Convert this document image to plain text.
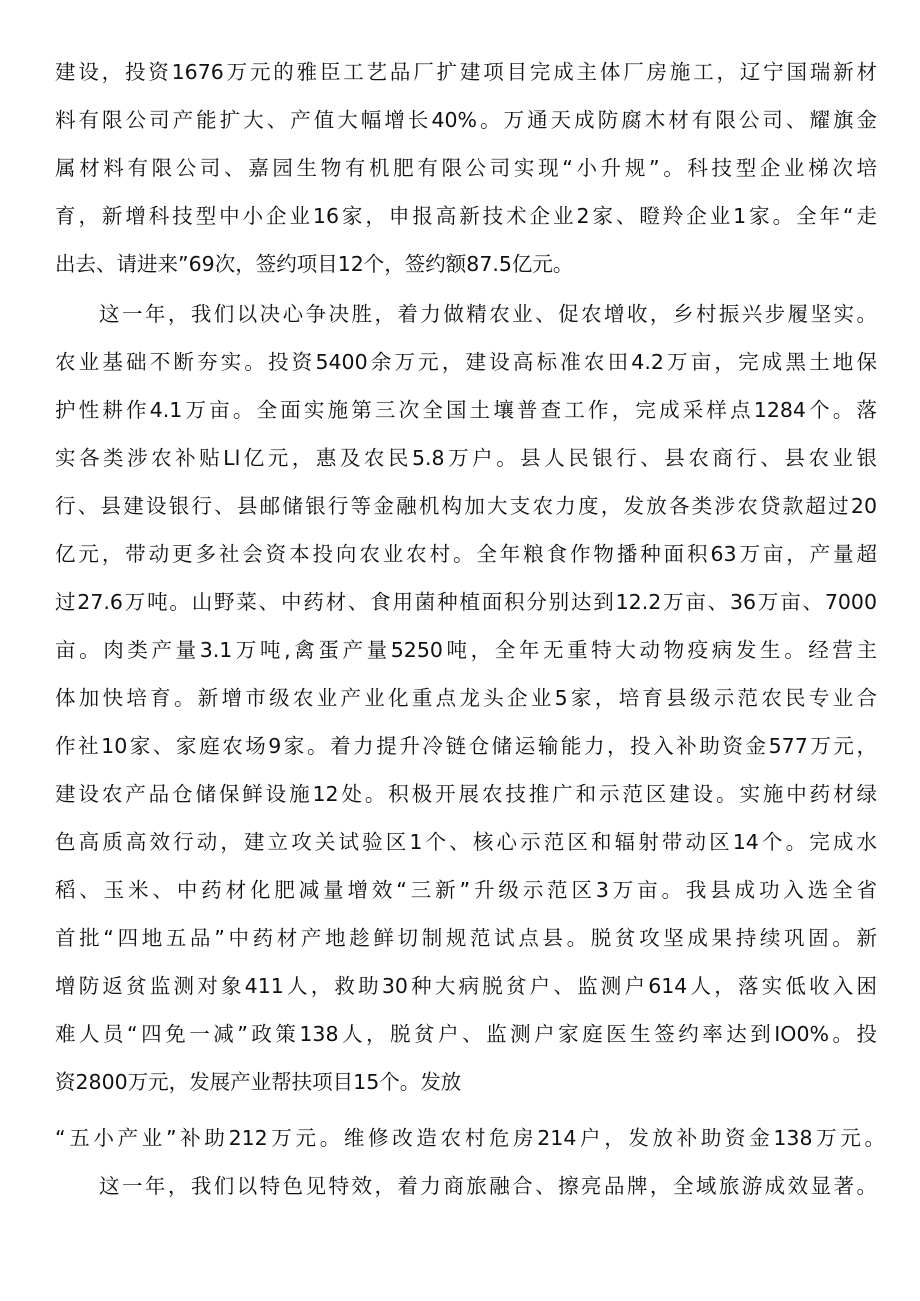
建设，投资1676万元的雅臣工艺品厂扩建项目完成主体厂房施工，辽宁国瑞新材
料有限公司产能扩大、产值大幅增长40%。万通天成防腐木材有限公司、耀旗金
属材料有限公司、嘉园生物有机肥有限公司实现“小升规”。科技型企业梯次培
育，新增科技型中小企业16家，申报高新技术企业2家、瞪羚企业1家。全年“走
出去、请进来”69次，签约项目12个，签约额87.5亿元。
这一年，我们以决心争决胜，着力做精农业、促农增收，乡村振兴步履坚实。
农业基础不断夯实。投资5400余万元，建设高标准农田4.2万亩，完成黑土地保
护性耕作4.1万亩。全面实施第三次全国土壤普查工作，完成采样点1284个。落
实各类涉农补贴Ll亿元，惠及农民5.8万户。县人民银行、县农商行、县农业银
行、县建设银行、县邮储银行等金融机构加大支农力度，发放各类涉农贷款超过20
亿元，带动更多社会资本投向农业农村。全年粮食作物播种面积63万亩，产量超
过27.6万吨。山野菜、中药材、食用菌种植面积分别达到12.2万亩、36万亩、7000
亩。肉类产量3.1万吨,禽蛋产量5250吨，全年无重特大动物疫病发生。经营主
体加快培育。新增市级农业产业化重点龙头企业5家，培育县级示范农民专业合
作社10家、家庭农场9家。着力提升冷链仓储运输能力，投入补助资金577万元，
建设农产品仓储保鲜设施12处。积极开展农技推广和示范区建设。实施中药材绿
色高质高效行动，建立攻关试验区1个、核心示范区和辐射带动区14个。完成水
稻、玉米、中药材化肥减量增效“三新”升级示范区3万亩。我县成功入选全省
首批“四地五品”中药材产地趁鲜切制规范试点县。脱贫攻坚成果持续巩固。新
增防返贫监测对象411人，救助30种大病脱贫户、监测户614人，落实低收入困
难人员“四免一减”政策138人，脱贫户、监测户家庭医生签约率达到IO0%。投
资2800万元，发展产业帮扶项目15个。发放
“五小产业”补助212万元。维修改造农村危房214户，发放补助资金138万元。
这一年，我们以特色见特效，着力商旅融合、擦亮品牌，全域旅游成效显著。
